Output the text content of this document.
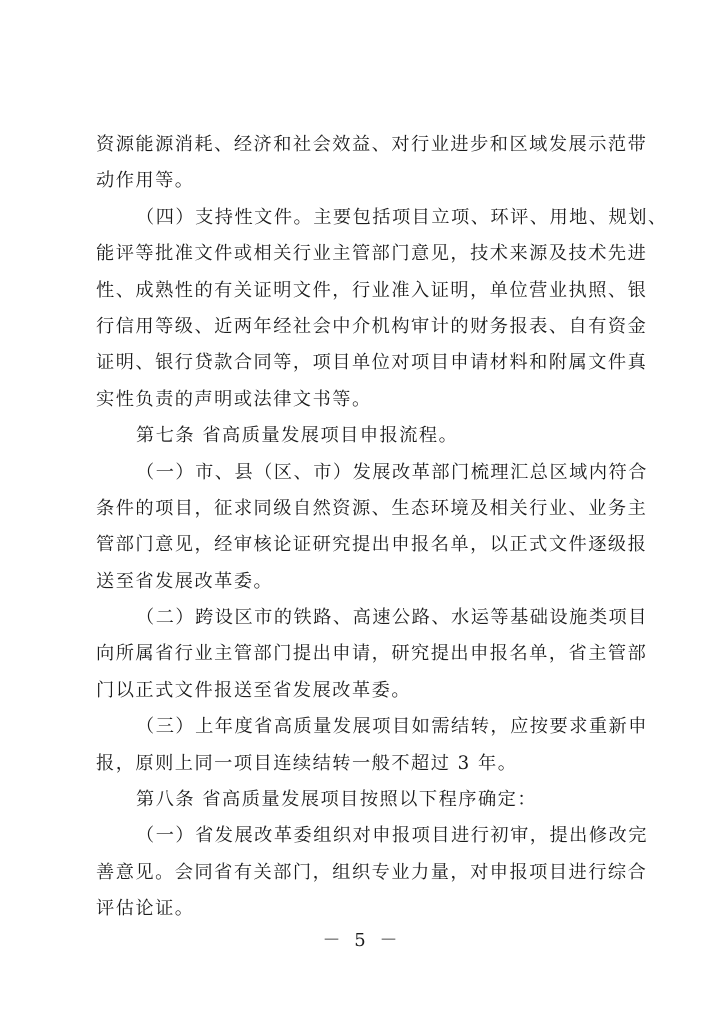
资源能源消耗、经济和社会效益、对行业进步和区域发展示范带
动作用等。
（四）支持性文件。主要包括项目立项、环评、用地、规划、
能评等批准文件或相关行业主管部门意见，技术来源及技术先进
性、成熟性的有关证明文件，行业准入证明，单位营业执照、银
行信用等级、近两年经社会中介机构审计的财务报表、自有资金
证明、银行贷款合同等，项目单位对项目申请材料和附属文件真
实性负责的声明或法律文书等。
第七条 省高质量发展项目申报流程。
（一）市、县（区、市）发展改革部门梳理汇总区域内符合
条件的项目，征求同级自然资源、生态环境及相关行业、业务主
管部门意见，经审核论证研究提出申报名单，以正式文件逐级报
送至省发展改革委。
（二）跨设区市的铁路、高速公路、水运等基础设施类项目
向所属省行业主管部门提出申请，研究提出申报名单，省主管部
门以正式文件报送至省发展改革委。
（三）上年度省高质量发展项目如需结转，应按要求重新申
报，原则上同一项目连续结转一般不超过 3 年。
第八条 省高质量发展项目按照以下程序确定：
（一）省发展改革委组织对申报项目进行初审，提出修改完
善意见。会同省有关部门，组织专业力量，对申报项目进行综合
评估论证。
－ 5 －
